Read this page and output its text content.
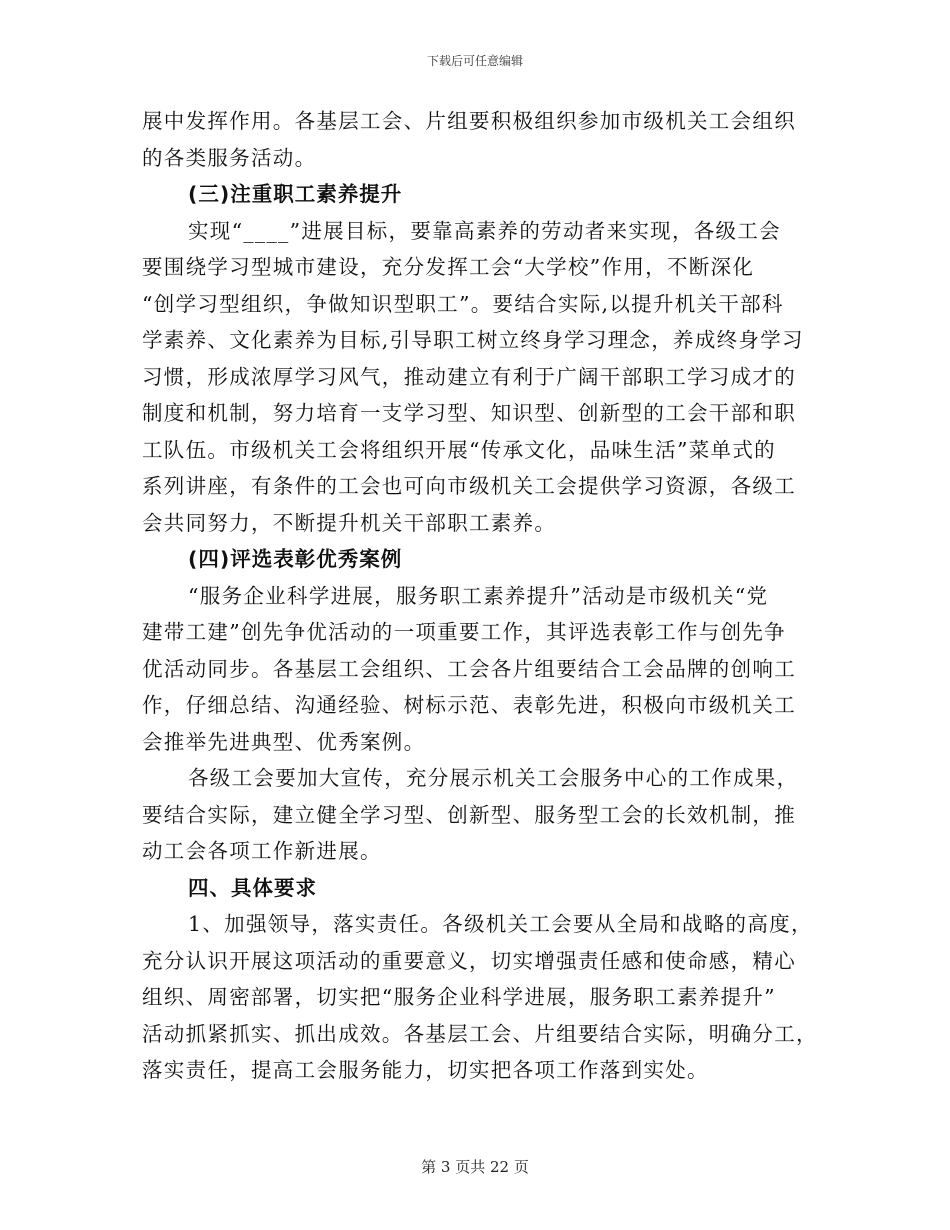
下载后可任意编辑
展中发挥作用。各基层工会、片组要积极组织参加市级机关工会组织
的各类服务活动。
(三)注重职工素养提升
实现“____”进展目标，要靠高素养的劳动者来实现，各级工会
要围绕学习型城市建设，充分发挥工会“大学校”作用，不断深化
“创学习型组织，争做知识型职工”。要结合实际,以提升机关干部科
学素养、文化素养为目标,引导职工树立终身学习理念，养成终身学习
习惯，形成浓厚学习风气，推动建立有利于广阔干部职工学习成才的
制度和机制，努力培育一支学习型、知识型、创新型的工会干部和职
工队伍。市级机关工会将组织开展“传承文化，品味生活”菜单式的
系列讲座，有条件的工会也可向市级机关工会提供学习资源，各级工
会共同努力，不断提升机关干部职工素养。
(四)评选表彰优秀案例
“服务企业科学进展，服务职工素养提升”活动是市级机关“党
建带工建”创先争优活动的一项重要工作，其评选表彰工作与创先争
优活动同步。各基层工会组织、工会各片组要结合工会品牌的创响工
作，仔细总结、沟通经验、树标示范、表彰先进，积极向市级机关工
会推举先进典型、优秀案例。
各级工会要加大宣传，充分展示机关工会服务中心的工作成果，
要结合实际，建立健全学习型、创新型、服务型工会的长效机制，推
动工会各项工作新进展。
四、具体要求
1、加强领导，落实责任。各级机关工会要从全局和战略的高度，
充分认识开展这项活动的重要意义，切实增强责任感和使命感，精心
组织、周密部署，切实把“服务企业科学进展，服务职工素养提升”
活动抓紧抓实、抓出成效。各基层工会、片组要结合实际，明确分工，
落实责任，提高工会服务能力，切实把各项工作落到实处。
第 3 页共 22 页
